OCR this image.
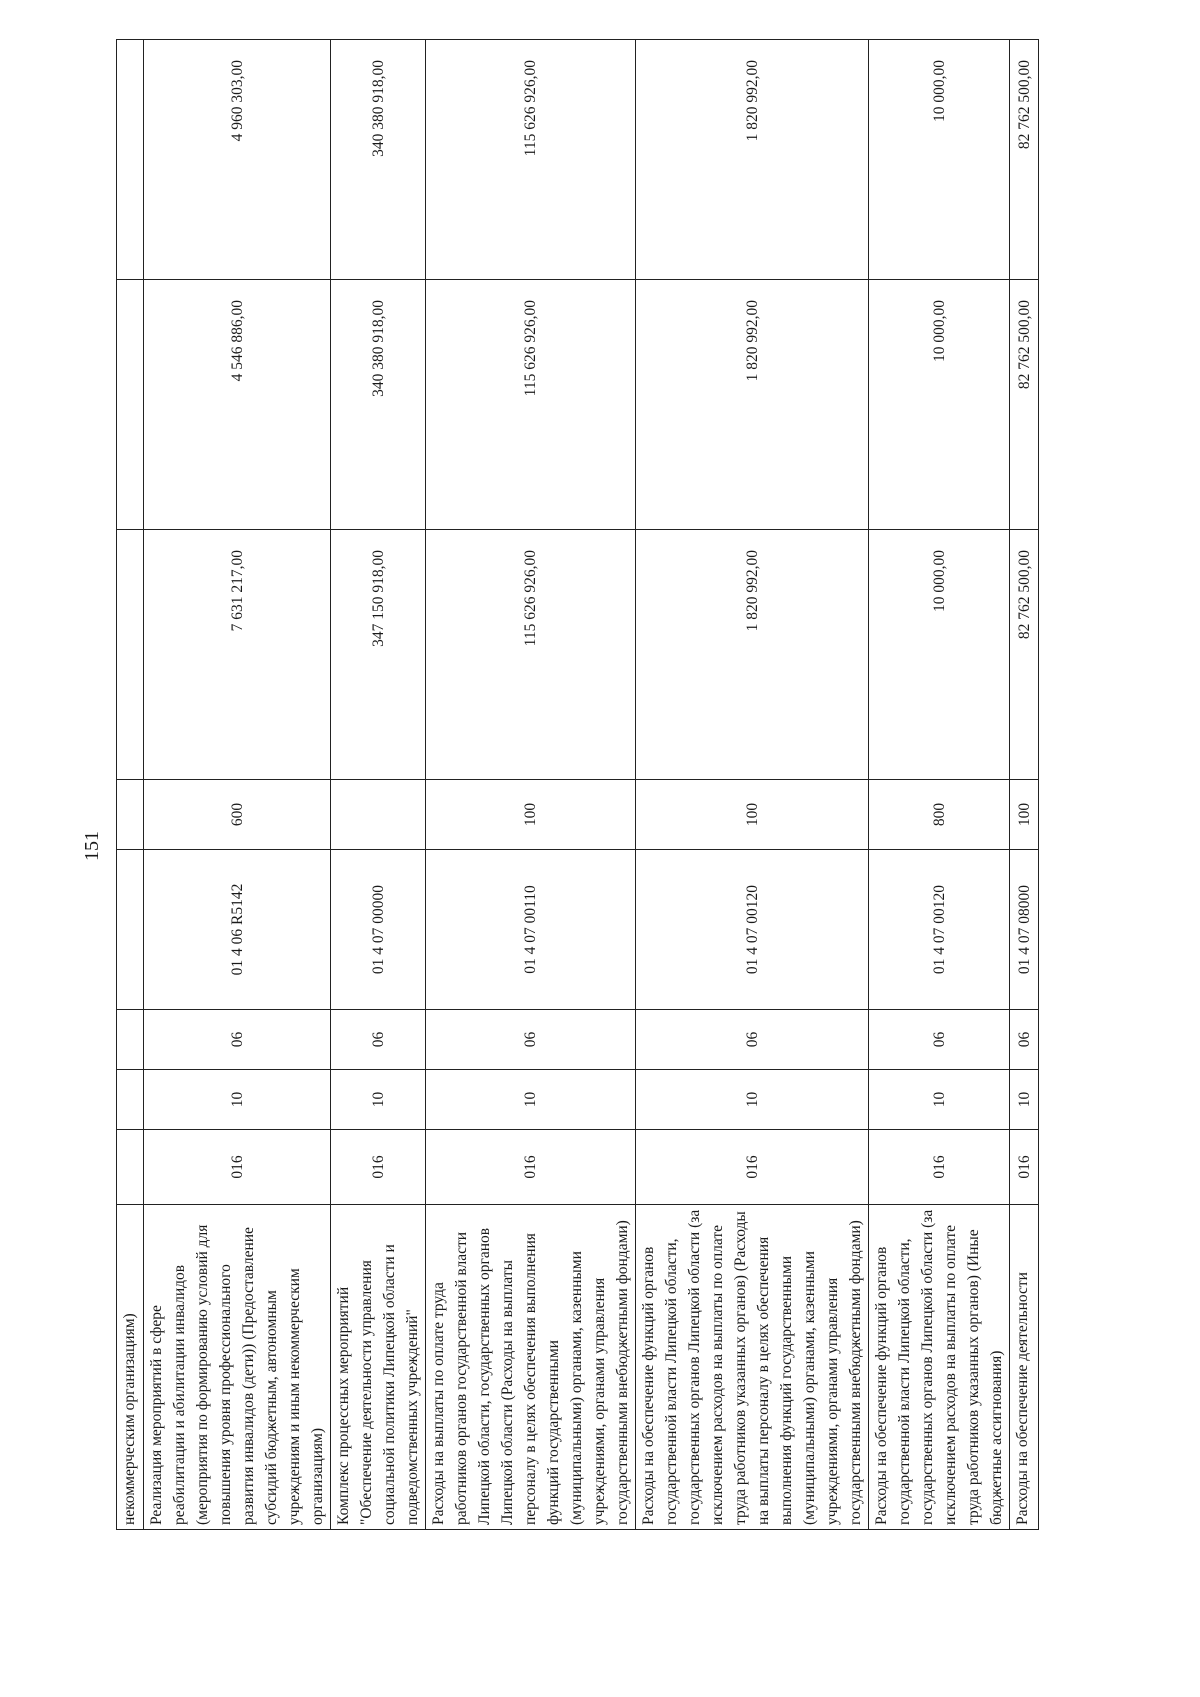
151
некоммерческим организациям)								
Реализация мероприятий в сфере реабилитации и абилитации инвалидов (мероприятия по формированию условий для повышения уровня профессионального развития инвалидов (дети)) (Предоставление субсидий бюджетным, автономным учреждениям и иным некоммерческим организациям)	016	10	06	01 4 06 R5142	600	7 631 217,00	4 546 886,00	4 960 303,00
Комплекс процессных мероприятий "Обеспечение деятельности управления социальной политики Липецкой области и подведомственных учреждений"	016	10	06	01 4 07 00000		347 150 918,00	340 380 918,00	340 380 918,00
Расходы на выплаты по оплате труда работников органов государственной власти Липецкой области, государственных органов Липецкой области (Расходы на выплаты персоналу в целях обеспечения выполнения функций государственными (муниципальными) органами, казенными учреждениями, органами управления государственными внебюджетными фондами)	016	10	06	01 4 07 00110	100	115 626 926,00	115 626 926,00	115 626 926,00
Расходы на обеспечение функций органов государственной власти Липецкой области, государственных органов Липецкой области (за исключением расходов на выплаты по оплате труда работников указанных органов) (Расходы на выплаты персоналу в целях обеспечения выполнения функций государственными (муниципальными) органами, казенными учреждениями, органами управления государственными внебюджетными фондами)	016	10	06	01 4 07 00120	100	1 820 992,00	1 820 992,00	1 820 992,00
Расходы на обеспечение функций органов государственной власти Липецкой области, государственных органов Липецкой области (за исключением расходов на выплаты по оплате труда работников указанных органов) (Иные бюджетные ассигнования)	016	10	06	01 4 07 00120	800	10 000,00	10 000,00	10 000,00
Расходы на обеспечение деятельности	016	10	06	01 4 07 08000	100	82 762 500,00	82 762 500,00	82 762 500,00
